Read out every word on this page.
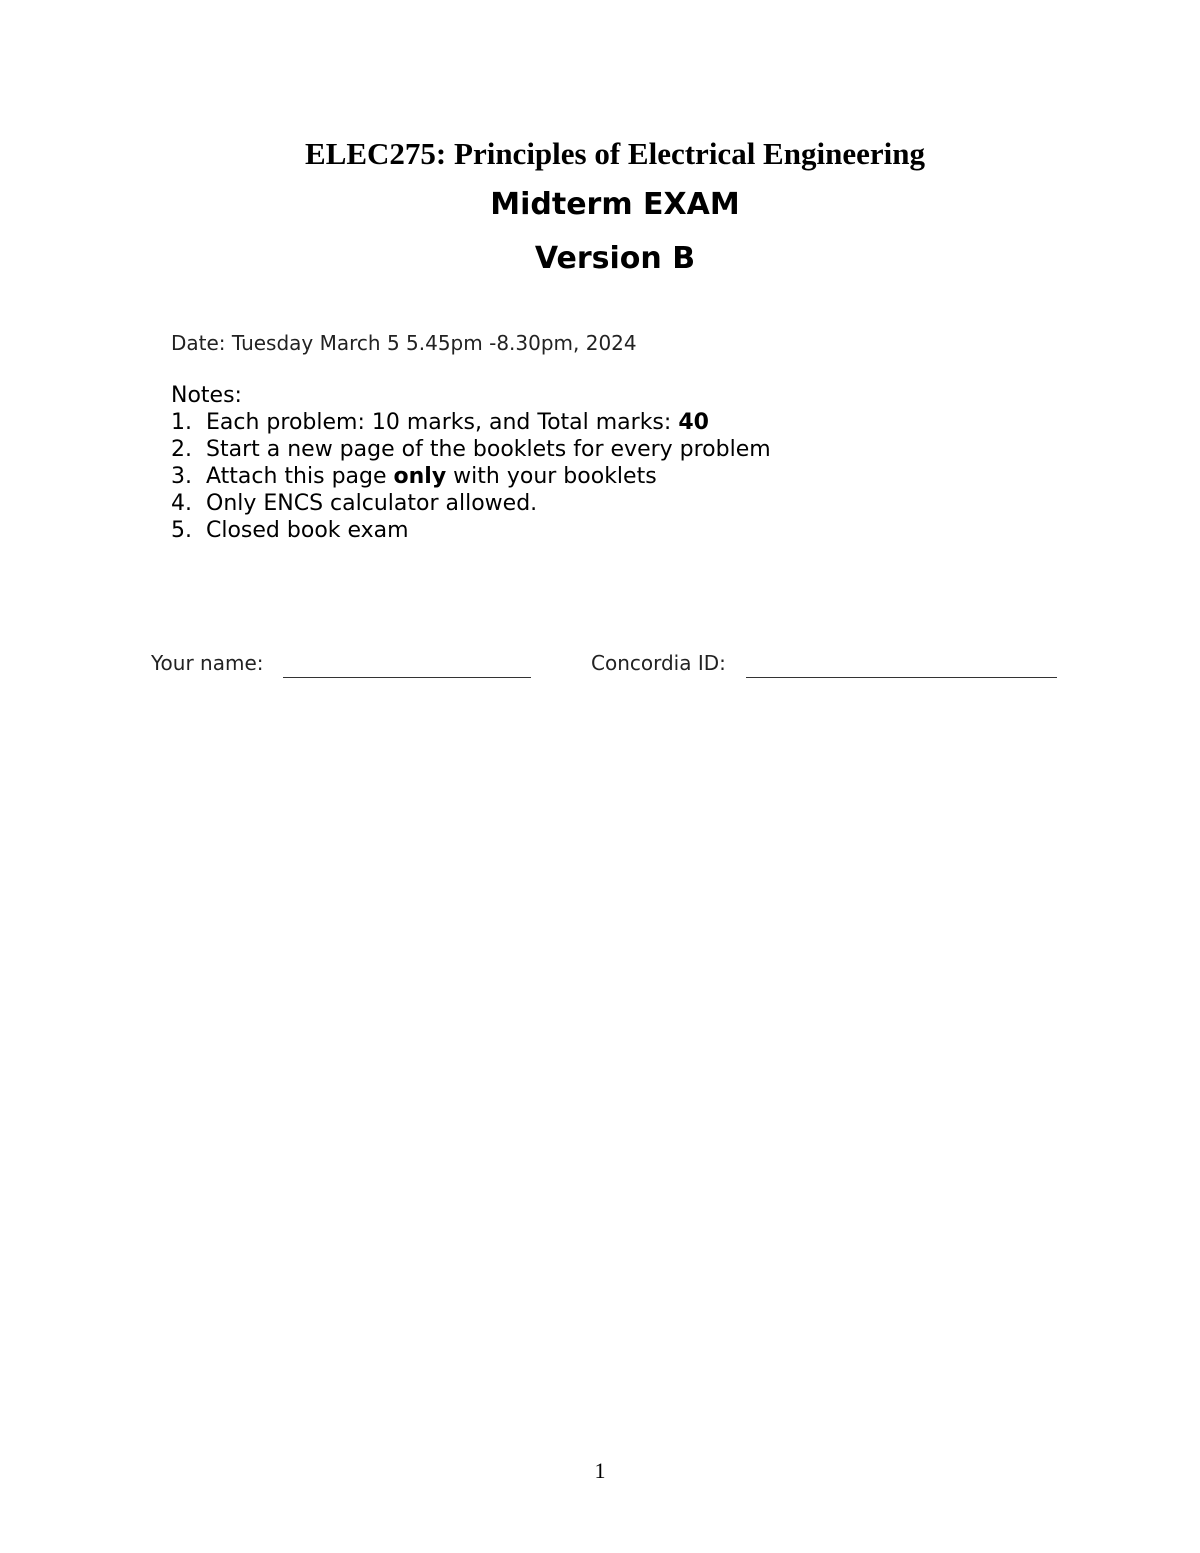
ELEC275: Principles of Electrical Engineering
Midterm EXAM
Version B
Date: Tuesday March 5 5.45pm -8.30pm, 2024
Notes:
1. Each problem: 10 marks, and Total marks: 40
2. Start a new page of the booklets for every problem
3. Attach this page only with your booklets
4. Only ENCS calculator allowed.
5. Closed book exam
Your name:	Concordia ID:
1
